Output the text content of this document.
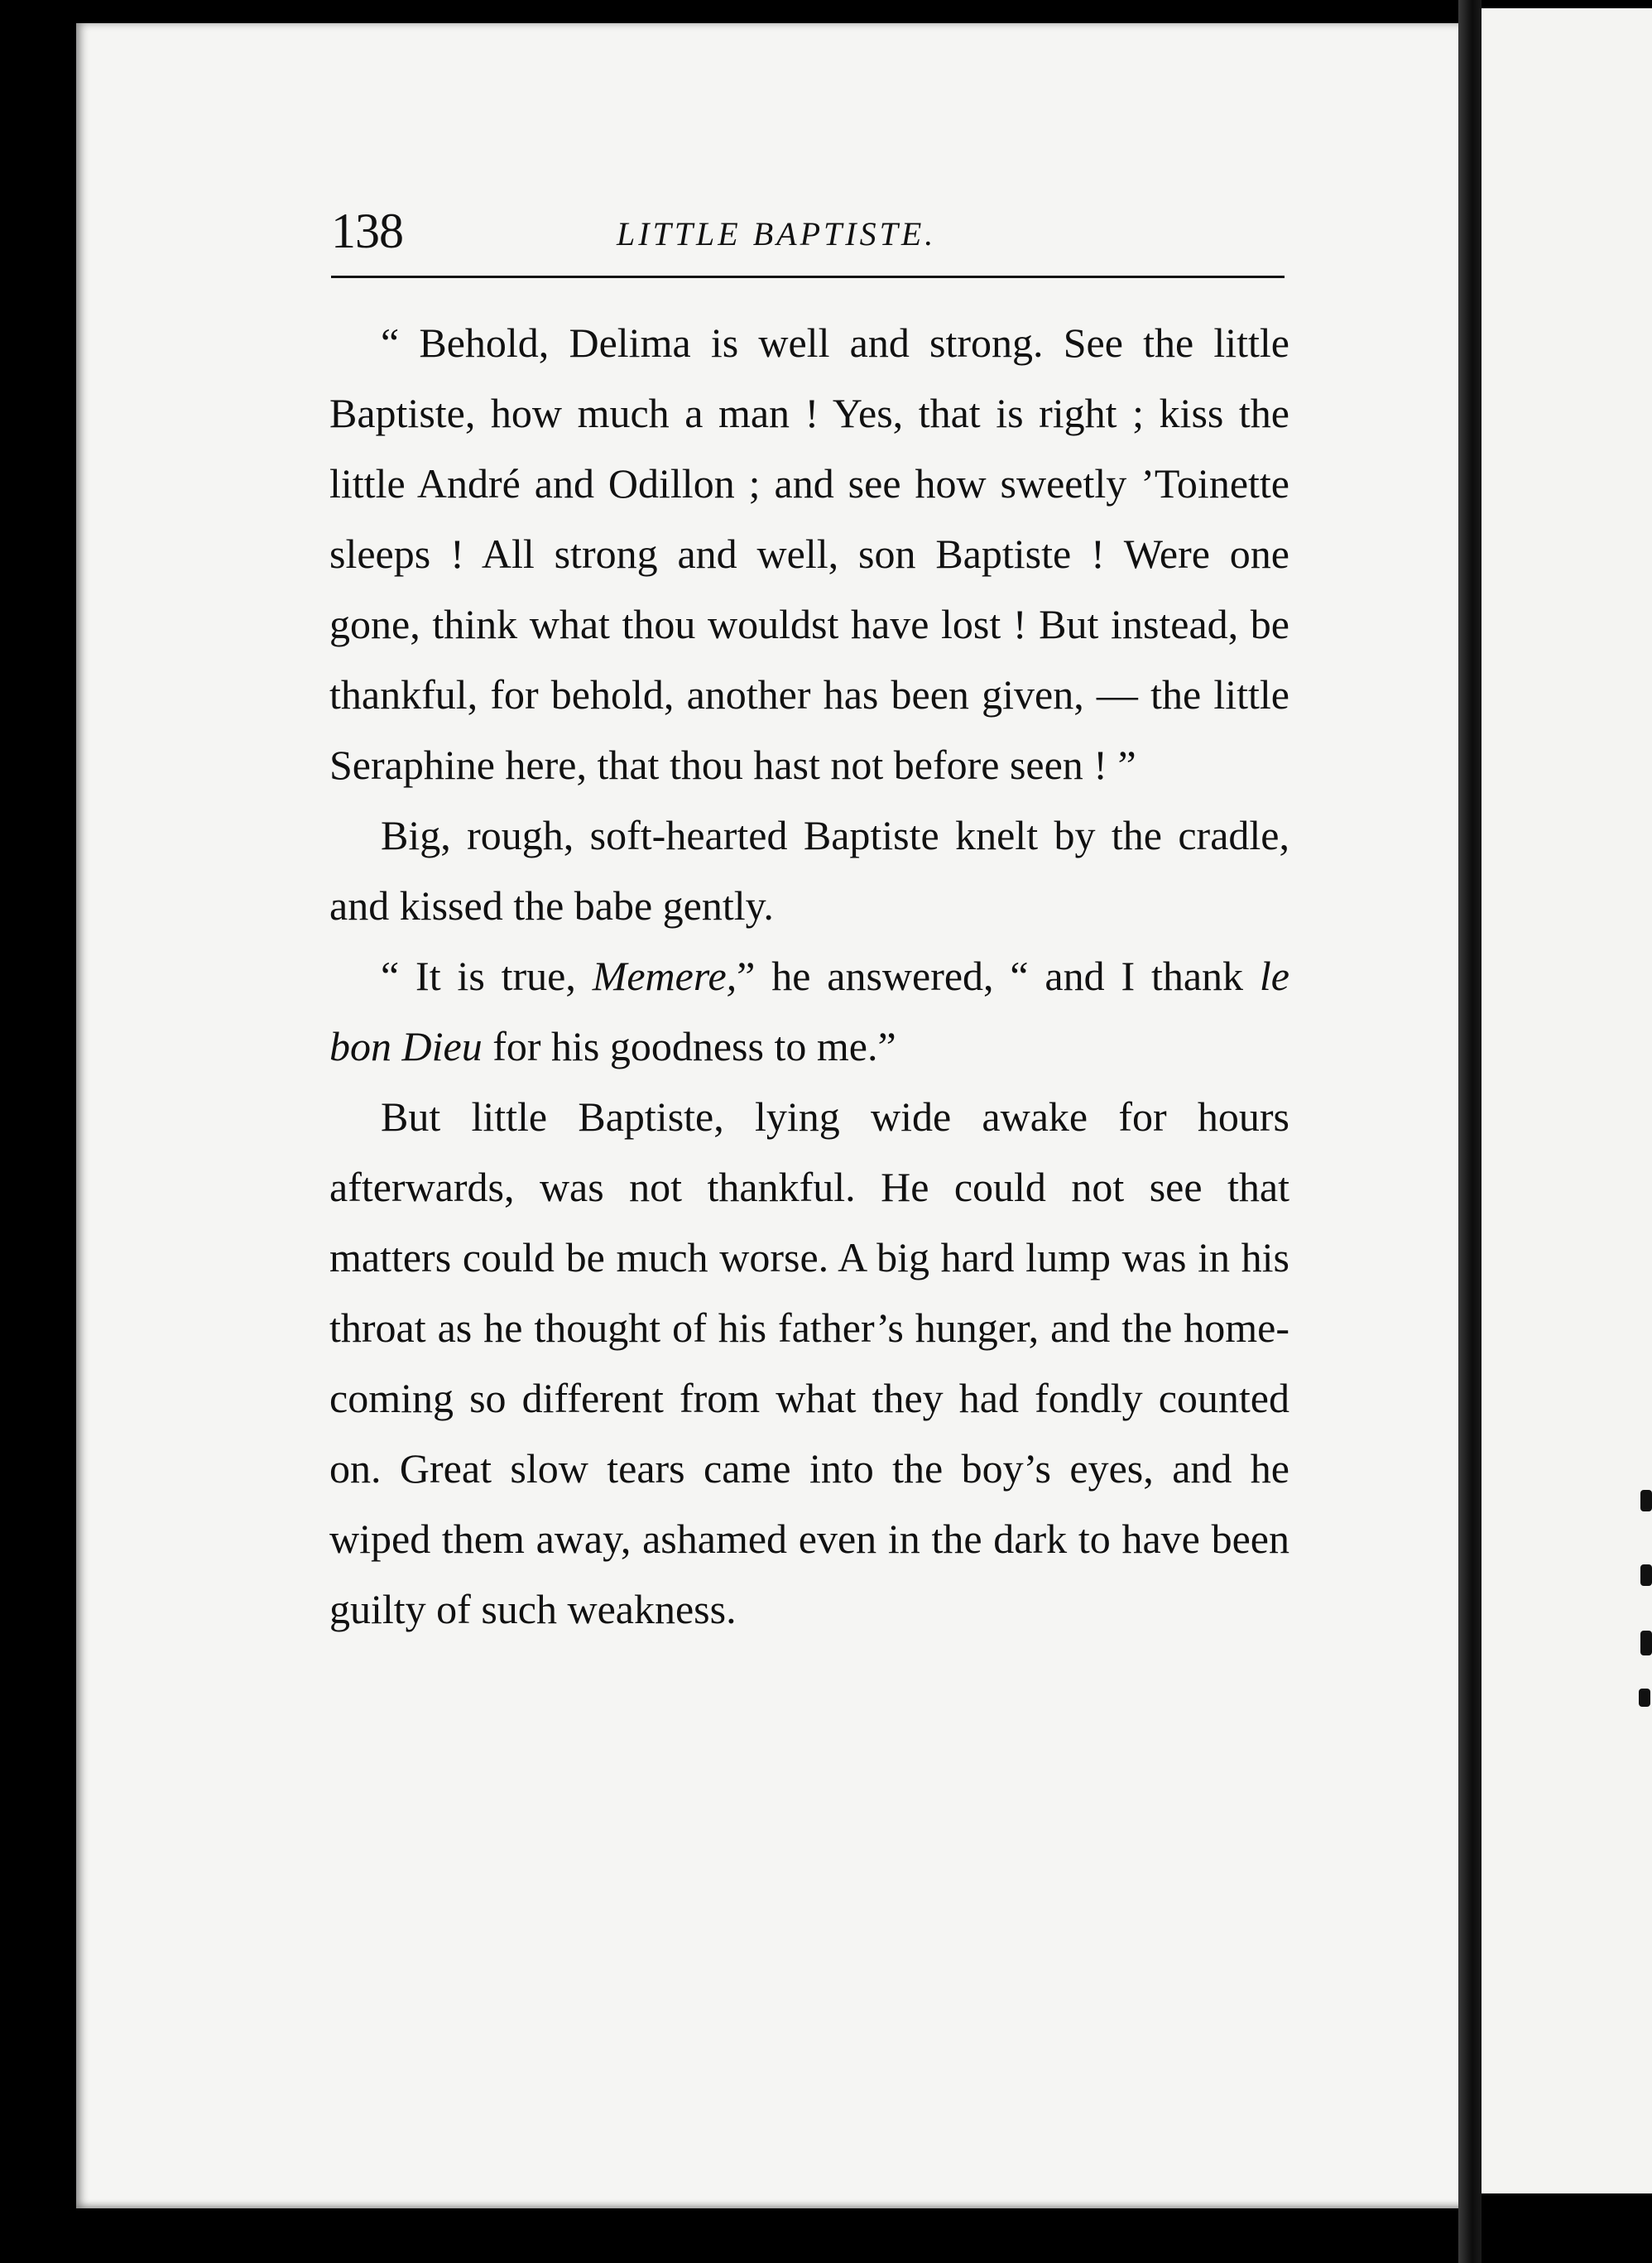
138	LITTLE BAPTISTE.

“ Behold, Delima is well and strong. See the little Baptiste, how much a man ! Yes, that is right ; kiss the little André and Odillon ; and see how sweetly ’Toinette sleeps ! All strong and well, son Baptiste ! Were one gone, think what thou wouldst have lost ! But instead, be thankful, for behold, another has been given, — the little Seraphine here, that thou hast not before seen ! ”

Big, rough, soft-hearted Baptiste knelt by the cradle, and kissed the babe gently.

“ It is true, Memere,” he answered, “ and I thank le bon Dieu for his goodness to me.”

But little Baptiste, lying wide awake for hours afterwards, was not thankful. He could not see that matters could be much worse. A big hard lump was in his throat as he thought of his father’s hunger, and the home-coming so different from what they had fondly counted on. Great slow tears came into the boy’s eyes, and he wiped them away, ashamed even in the dark to have been guilty of such weakness.
